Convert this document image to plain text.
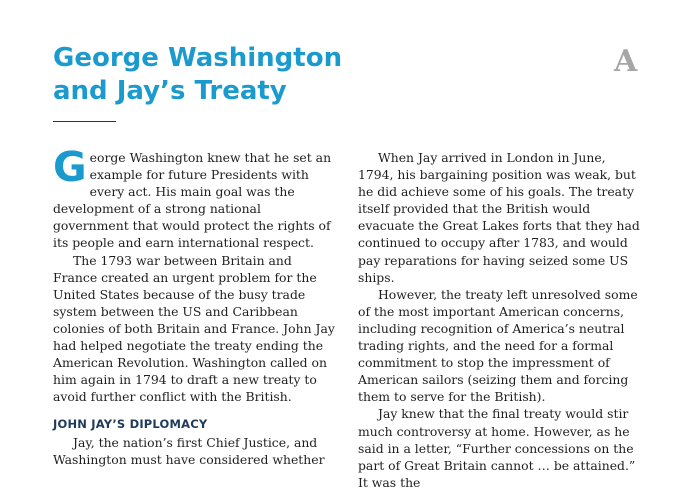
George Washington
and Jay’s Treaty
A

George Washington knew that he set an example for future Presidents with every act. His main goal was the development of a strong national government that would protect the rights of its people and earn international respect.

The 1793 war between Britain and France created an urgent problem for the United States because of the busy trade system between the US and Caribbean colonies of both Britain and France. John Jay had helped negotiate the treaty ending the American Revolution. Washington called on him again in 1794 to draft a new treaty to avoid further conflict with the British.

JOHN JAY’S DIPLOMACY

Jay, the nation’s first Chief Justice, and Washington must have considered whether

When Jay arrived in London in June, 1794, his bargaining position was weak, but he did achieve some of his goals. The treaty itself provided that the British would evacuate the Great Lakes forts that they had continued to occupy after 1783, and would pay reparations for having seized some US ships.

However, the treaty left unresolved some of the most important American concerns, including recognition of America’s neutral trading rights, and the need for a formal commitment to stop the impressment of American sailors (seizing them and forcing them to serve for the British).

Jay knew that the final treaty would stir much controversy at home. However, as he said in a letter, “Further concessions on the part of Great Britain cannot … be attained.” It was the
